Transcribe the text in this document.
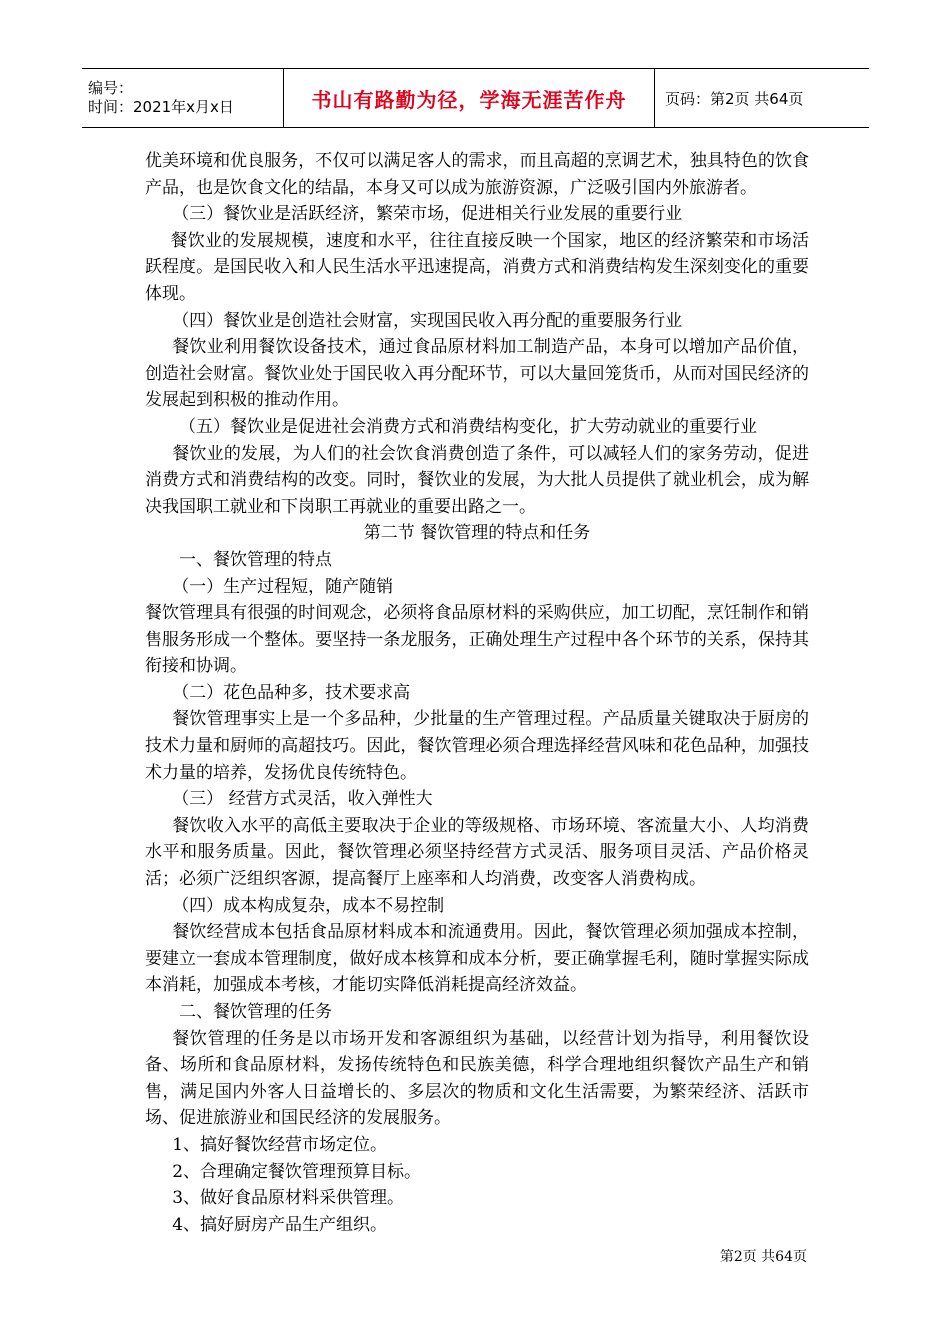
编号：
时间：2021年x月x日	书山有路勤为径，学海无涯苦作舟	页码：第2页 共64页

优美环境和优良服务，不仅可以满足客人的需求，而且高超的烹调艺术，独具特色的饮食产品，也是饮食文化的结晶，本身又可以成为旅游资源，广泛吸引国内外旅游者。

（三）餐饮业是活跃经济，繁荣市场，促进相关行业发展的重要行业

餐饮业的发展规模，速度和水平，往往直接反映一个国家，地区的经济繁荣和市场活跃程度。是国民收入和人民生活水平迅速提高，消费方式和消费结构发生深刻变化的重要体现。

（四）餐饮业是创造社会财富，实现国民收入再分配的重要服务行业

餐饮业利用餐饮设备技术，通过食品原材料加工制造产品，本身可以增加产品价值，创造社会财富。餐饮业处于国民收入再分配环节，可以大量回笼货币，从而对国民经济的发展起到积极的推动作用。

（五）餐饮业是促进社会消费方式和消费结构变化，扩大劳动就业的重要行业

餐饮业的发展，为人们的社会饮食消费创造了条件，可以减轻人们的家务劳动，促进消费方式和消费结构的改变。同时，餐饮业的发展，为大批人员提供了就业机会，成为解决我国职工就业和下岗职工再就业的重要出路之一。

第二节 餐饮管理的特点和任务

一、餐饮管理的特点

（一）生产过程短，随产随销

餐饮管理具有很强的时间观念，必须将食品原材料的采购供应，加工切配，烹饪制作和销售服务形成一个整体。要坚持一条龙服务，正确处理生产过程中各个环节的关系，保持其衔接和协调。

（二）花色品种多，技术要求高

餐饮管理事实上是一个多品种，少批量的生产管理过程。产品质量关键取决于厨房的技术力量和厨师的高超技巧。因此，餐饮管理必须合理选择经营风味和花色品种，加强技术力量的培养，发扬优良传统特色。

（三） 经营方式灵活，收入弹性大

餐饮收入水平的高低主要取决于企业的等级规格、市场环境、客流量大小、人均消费水平和服务质量。因此，餐饮管理必须坚持经营方式灵活、服务项目灵活、产品价格灵活；必须广泛组织客源，提高餐厅上座率和人均消费，改变客人消费构成。

（四）成本构成复杂，成本不易控制

餐饮经营成本包括食品原材料成本和流通费用。因此，餐饮管理必须加强成本控制，要建立一套成本管理制度，做好成本核算和成本分析，要正确掌握毛利，随时掌握实际成本消耗，加强成本考核，才能切实降低消耗提高经济效益。

二、餐饮管理的任务

餐饮管理的任务是以市场开发和客源组织为基础，以经营计划为指导，利用餐饮设备、场所和食品原材料，发扬传统特色和民族美德，科学合理地组织餐饮产品生产和销售，满足国内外客人日益增长的、多层次的物质和文化生活需要，为繁荣经济、活跃市场、促进旅游业和国民经济的发展服务。

1、搞好餐饮经营市场定位。

2、合理确定餐饮管理预算目标。

3、做好食品原材料采供管理。

4、搞好厨房产品生产组织。

第2页 共64页
